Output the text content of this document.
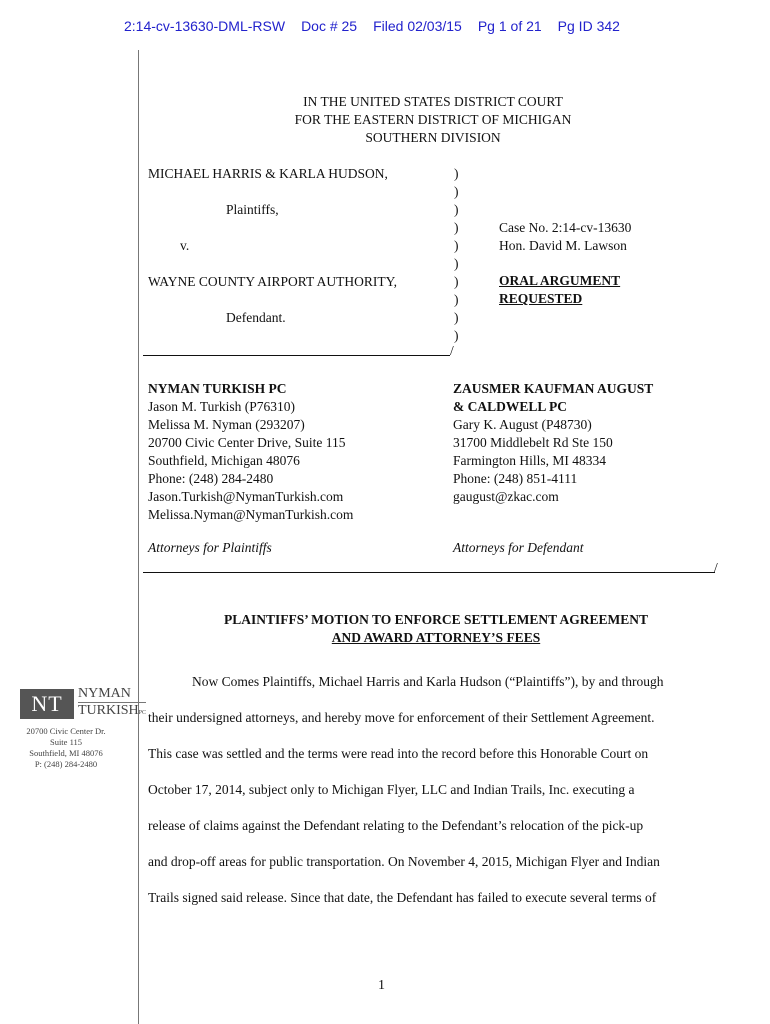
2:14-cv-13630-DML-RSW Doc # 25 Filed 02/03/15 Pg 1 of 21 Pg ID 342
IN THE UNITED STATES DISTRICT COURT
FOR THE EASTERN DISTRICT OF MICHIGAN
SOUTHERN DIVISION
MICHAEL HARRIS & KARLA HUDSON,
Plaintiffs,
v.
WAYNE COUNTY AIRPORT AUTHORITY,
Defendant.
)
)
)
)
)
)
)
)
)
)
Case No. 2:14-cv-13630
Hon. David M. Lawson
ORAL ARGUMENT
REQUESTED
/
NYMAN TURKISH PC
Jason M. Turkish (P76310)
Melissa M. Nyman (293207)
20700 Civic Center Drive, Suite 115
Southfield, Michigan 48076
Phone: (248) 284-2480
Jason.Turkish@NymanTurkish.com
Melissa.Nyman@NymanTurkish.com
ZAUSMER KAUFMAN AUGUST
& CALDWELL PC
Gary K. August (P48730)
31700 Middlebelt Rd Ste 150
Farmington Hills, MI 48334
Phone: (248) 851-4111
gaugust@zkac.com
Attorneys for Plaintiffs	Attorneys for Defendant
/
PLAINTIFFS’ MOTION TO ENFORCE SETTLEMENT AGREEMENT
AND AWARD ATTORNEY’S FEES
Now Comes Plaintiffs, Michael Harris and Karla Hudson (“Plaintiffs”), by and through
their undersigned attorneys, and hereby move for enforcement of their Settlement Agreement.
This case was settled and the terms were read into the record before this Honorable Court on
October 17, 2014, subject only to Michigan Flyer, LLC and Indian Trails, Inc. executing a
release of claims against the Defendant relating to the Defendant’s relocation of the pick-up
and drop-off areas for public transportation. On November 4, 2015, Michigan Flyer and Indian
Trails signed said release. Since that date, the Defendant has failed to execute several terms of
1
NT	NYMAN
TURKISHPC
20700 Civic Center Dr.
Suite 115
Southfield, MI 48076
P: (248) 284-2480
